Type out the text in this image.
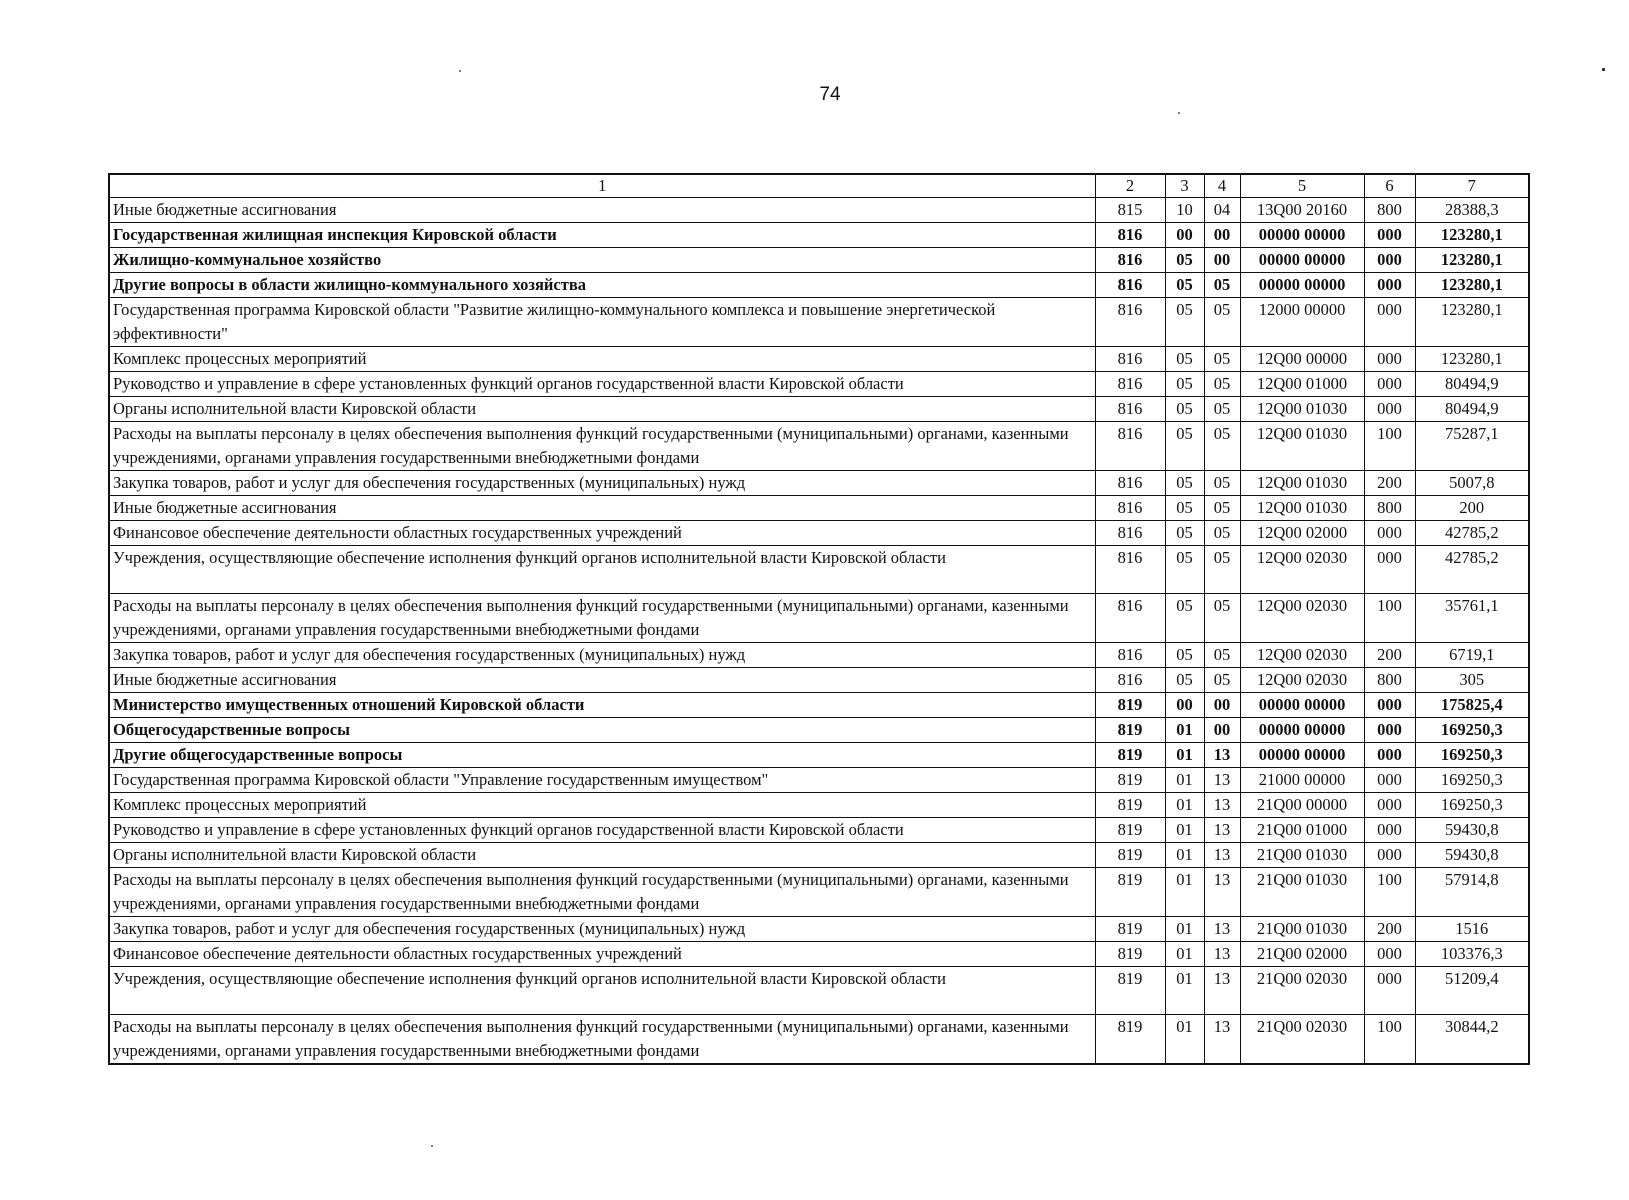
74
1	2	3	4	5	6	7
Иные бюджетные ассигнования	815	10	04	13Q00 20160	800	28388,3
Государственная жилищная инспекция Кировской области	816	00	00	00000 00000	000	123280,1
Жилищно-коммунальное хозяйство	816	05	00	00000 00000	000	123280,1
Другие вопросы в области жилищно-коммунального хозяйства	816	05	05	00000 00000	000	123280,1
Государственная программа Кировской области "Развитие жилищно-коммунального комплекса и повышение энергетической эффективности"	816	05	05	12000 00000	000	123280,1
Комплекс процессных мероприятий	816	05	05	12Q00 00000	000	123280,1
Руководство и управление в сфере установленных функций органов государственной власти Кировской области	816	05	05	12Q00 01000	000	80494,9
Органы исполнительной власти Кировской области	816	05	05	12Q00 01030	000	80494,9
Расходы на выплаты персоналу в целях обеспечения выполнения функций государственными (муниципальными) органами, казенными учреждениями, органами управления государственными внебюджетными фондами	816	05	05	12Q00 01030	100	75287,1
Закупка товаров, работ и услуг для обеспечения государственных (муниципальных) нужд	816	05	05	12Q00 01030	200	5007,8
Иные бюджетные ассигнования	816	05	05	12Q00 01030	800	200
Финансовое обеспечение деятельности областных государственных учреждений	816	05	05	12Q00 02000	000	42785,2
Учреждения, осуществляющие обеспечение исполнения функций органов исполнительной власти Кировской области	816	05	05	12Q00 02030	000	42785,2
Расходы на выплаты персоналу в целях обеспечения выполнения функций государственными (муниципальными) органами, казенными учреждениями, органами управления государственными внебюджетными фондами	816	05	05	12Q00 02030	100	35761,1
Закупка товаров, работ и услуг для обеспечения государственных (муниципальных) нужд	816	05	05	12Q00 02030	200	6719,1
Иные бюджетные ассигнования	816	05	05	12Q00 02030	800	305
Министерство имущественных отношений Кировской области	819	00	00	00000 00000	000	175825,4
Общегосударственные вопросы	819	01	00	00000 00000	000	169250,3
Другие общегосударственные вопросы	819	01	13	00000 00000	000	169250,3
Государственная программа Кировской области "Управление государственным имуществом"	819	01	13	21000 00000	000	169250,3
Комплекс процессных мероприятий	819	01	13	21Q00 00000	000	169250,3
Руководство и управление в сфере установленных функций органов государственной власти Кировской области	819	01	13	21Q00 01000	000	59430,8
Органы исполнительной власти Кировской области	819	01	13	21Q00 01030	000	59430,8
Расходы на выплаты персоналу в целях обеспечения выполнения функций государственными (муниципальными) органами, казенными учреждениями, органами управления государственными внебюджетными фондами	819	01	13	21Q00 01030	100	57914,8
Закупка товаров, работ и услуг для обеспечения государственных (муниципальных) нужд	819	01	13	21Q00 01030	200	1516
Финансовое обеспечение деятельности областных государственных учреждений	819	01	13	21Q00 02000	000	103376,3
Учреждения, осуществляющие обеспечение исполнения функций органов исполнительной власти Кировской области	819	01	13	21Q00 02030	000	51209,4
Расходы на выплаты персоналу в целях обеспечения выполнения функций государственными (муниципальными) органами, казенными учреждениями, органами управления государственными внебюджетными фондами	819	01	13	21Q00 02030	100	30844,2
